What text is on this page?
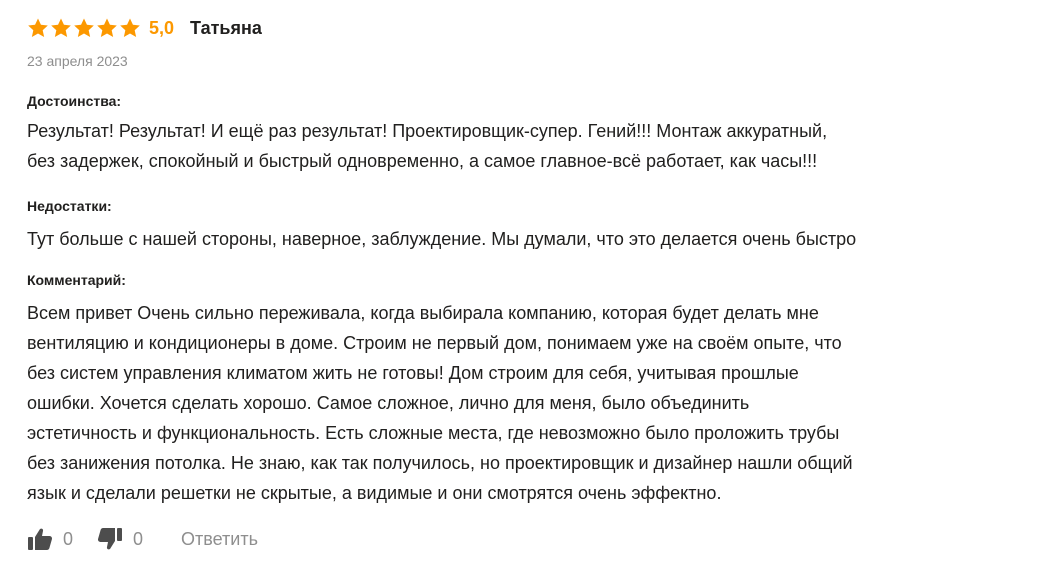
5,0 Татьяна
23 апреля 2023
Достоинства:
Результат! Результат! И ещё раз результат! Проектировщик-супер. Гений!!! Монтаж аккуратный,
без задержек, спокойный и быстрый одновременно, а самое главное-всё работает, как часы!!!
Недостатки:
Тут больше с нашей стороны, наверное, заблуждение. Мы думали, что это делается очень быстро
Комментарий:
Всем привет Очень сильно переживала, когда выбирала компанию, которая будет делать мне
вентиляцию и кондиционеры в доме. Строим не первый дом, понимаем уже на своём опыте, что
без систем управления климатом жить не готовы! Дом строим для себя, учитывая прошлые
ошибки. Хочется сделать хорошо. Самое сложное, лично для меня, было объединить
эстетичность и функциональность. Есть сложные места, где невозможно было проложить трубы
без занижения потолка. Не знаю, как так получилось, но проектировщик и дизайнер нашли общий
язык и сделали решетки не скрытые, а видимые и они смотрятся очень эффектно.
0	0 Ответить
